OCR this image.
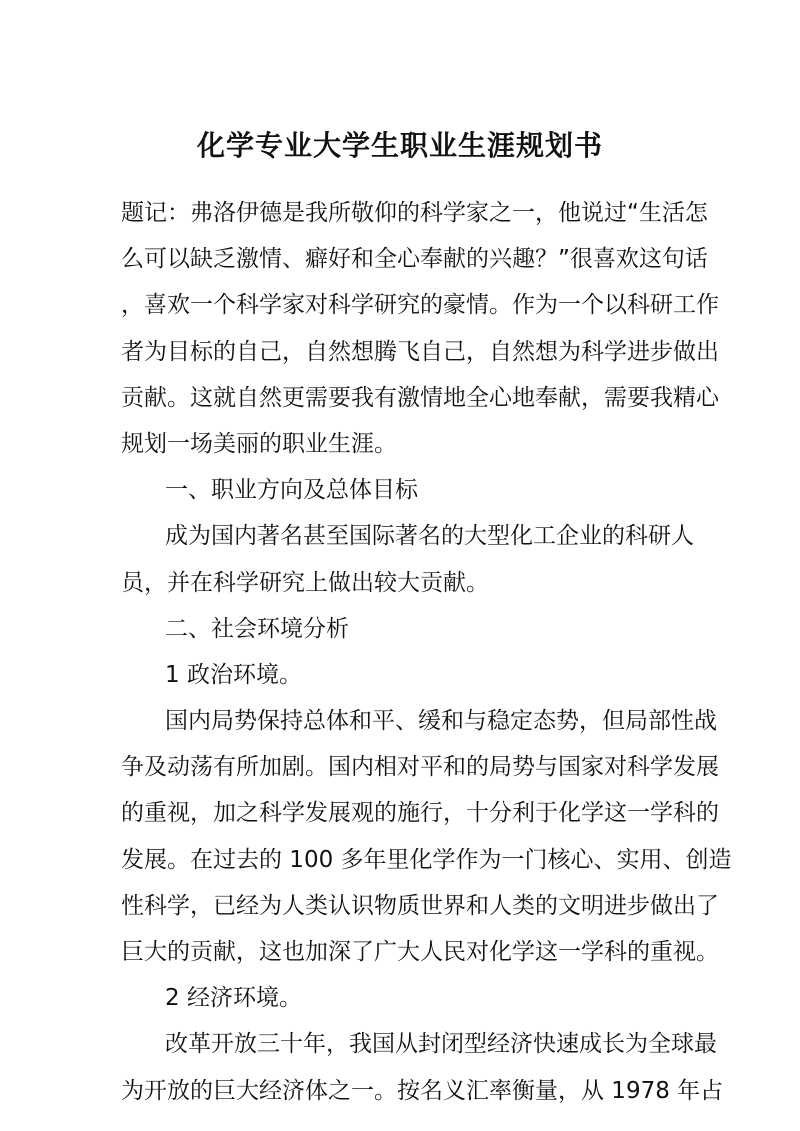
化学专业大学生职业生涯规划书
题记：弗洛伊德是我所敬仰的科学家之一，他说过“生活怎
么可以缺乏激情、癖好和全心奉献的兴趣？”很喜欢这句话
，喜欢一个科学家对科学研究的豪情。作为一个以科研工作
者为目标的自己，自然想腾飞自己，自然想为科学进步做出
贡献。这就自然更需要我有激情地全心地奉献，需要我精心
规划一场美丽的职业生涯。
一、职业方向及总体目标
成为国内著名甚至国际著名的大型化工企业的科研人
员，并在科学研究上做出较大贡献。
二、社会环境分析
1 政治环境。
国内局势保持总体和平、缓和与稳定态势，但局部性战
争及动荡有所加剧。国内相对平和的局势与国家对科学发展
的重视，加之科学发展观的施行，十分利于化学这一学科的
发展。在过去的 100 多年里化学作为一门核心、实用、创造
性科学，已经为人类认识物质世界和人类的文明进步做出了
巨大的贡献，这也加深了广大人民对化学这一学科的重视。
2 经济环境。
改革开放三十年，我国从封闭型经济快速成长为全球最
为开放的巨大经济体之一。按名义汇率衡量，从 1978 年占
